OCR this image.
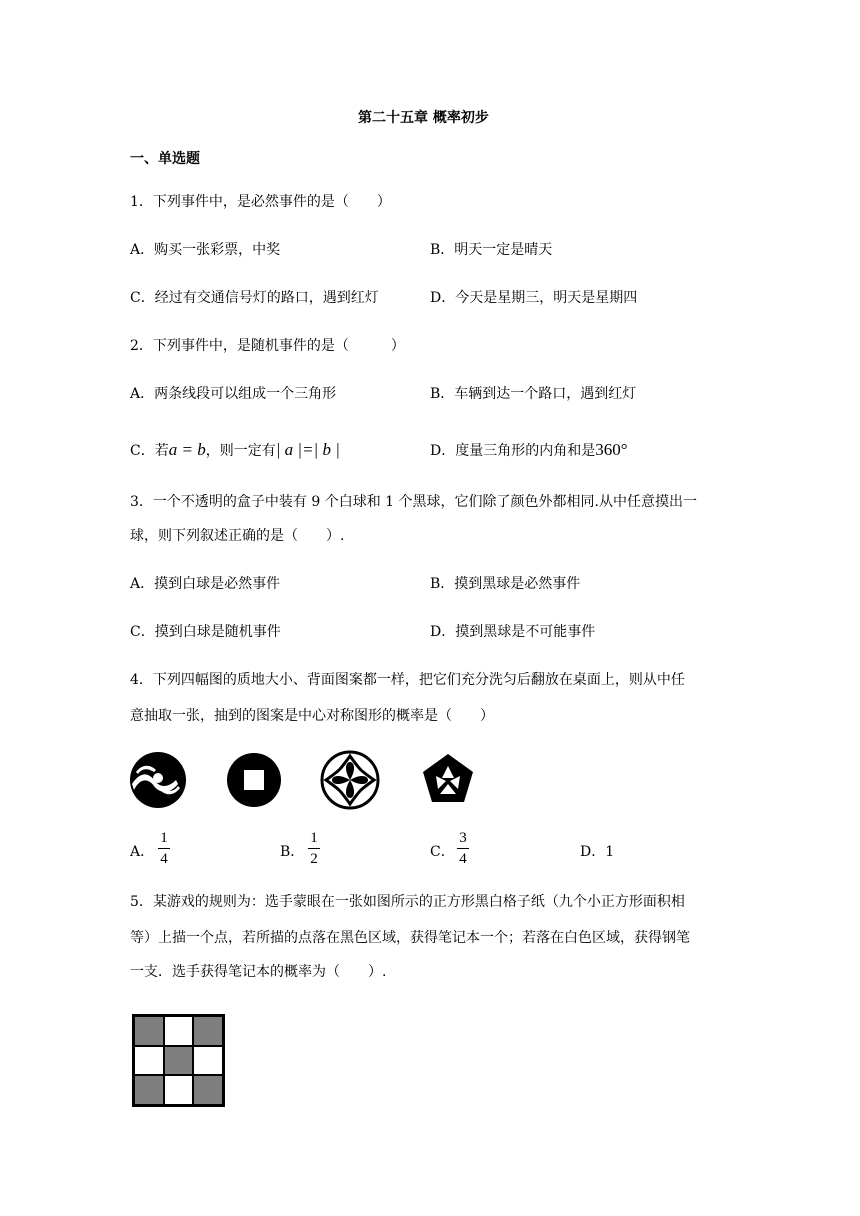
第二十五章 概率初步
一、单选题
1．下列事件中，是必然事件的是（　　）
A．购买一张彩票，中奖	B．明天一定是晴天
C．经过有交通信号灯的路口，遇到红灯	D．今天是星期三，明天是星期四
2．下列事件中，是随机事件的是（　　　）
A．两条线段可以组成一个三角形	B．车辆到达一个路口，遇到红灯
C．若a = b，则一定有| a |=| b |	D．度量三角形的内角和是360°
3．一个不透明的盒子中装有 9 个白球和 1 个黑球，它们除了颜色外都相同.从中任意摸出一
球，则下列叙述正确的是（　　）.
A．摸到白球是必然事件	B．摸到黑球是必然事件
C．摸到白球是随机事件	D．摸到黑球是不可能事件
4．下列四幅图的质地大小、背面图案都一样，把它们充分洗匀后翻放在桌面上，则从中任
意抽取一张，抽到的图案是中心对称图形的概率是（　　）
A．
1
4	B．
1
2	C．
3
4	D．1
5．某游戏的规则为：选手蒙眼在一张如图所示的正方形黑白格子纸（九个小正方形面积相
等）上描一个点，若所描的点落在黑色区域，获得笔记本一个；若落在白色区域，获得钢笔
一支．选手获得笔记本的概率为（　　）.
